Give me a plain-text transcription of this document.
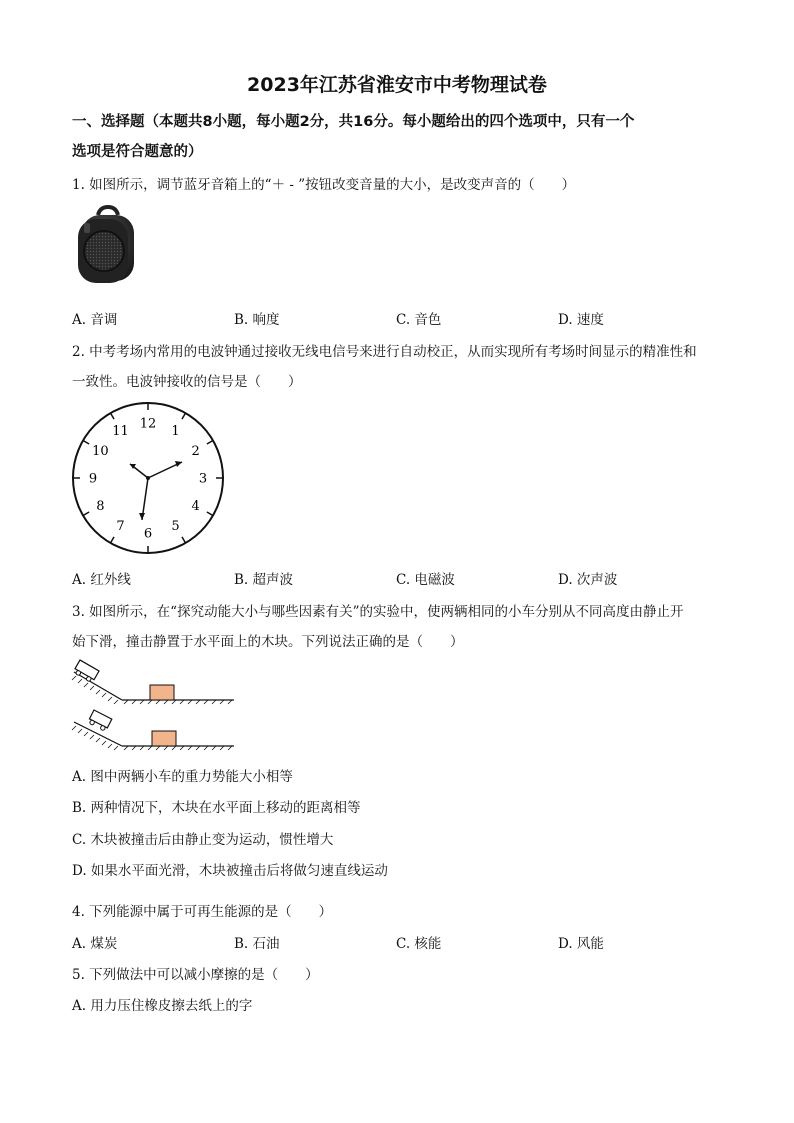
2023年江苏省淮安市中考物理试卷
一、选择题（本题共8小题，每小题2分，共16分。每小题给出的四个选项中，只有一个
选项是符合题意的）
1. 如图所示，调节蓝牙音箱上的“＋ - ”按钮改变音量的大小，是改变声音的（　　）
A. 音调	B. 响度	C. 音色	D. 速度
2. 中考考场内常用的电波钟通过接收无线电信号来进行自动校正，从而实现所有考场时间显示的精准性和
一致性。电波钟接收的信号是（　　）
12 1
2
3
4
5
6
7
8
9
10
11
A. 红外线	B. 超声波	C. 电磁波	D. 次声波
3. 如图所示，在“探究动能大小与哪些因素有关”的实验中，使两辆相同的小车分别从不同高度由静止开
始下滑，撞击静置于水平面上的木块。下列说法正确的是（　　）
A. 图中两辆小车的重力势能大小相等
B. 两种情况下，木块在水平面上移动的距离相等
C. 木块被撞击后由静止变为运动，惯性增大
D. 如果水平面光滑，木块被撞击后将做匀速直线运动
4. 下列能源中属于可再生能源的是（　　）
A. 煤炭	B. 石油	C. 核能	D. 风能
5. 下列做法中可以减小摩擦的是（　　）
A. 用力压住橡皮擦去纸上的字
